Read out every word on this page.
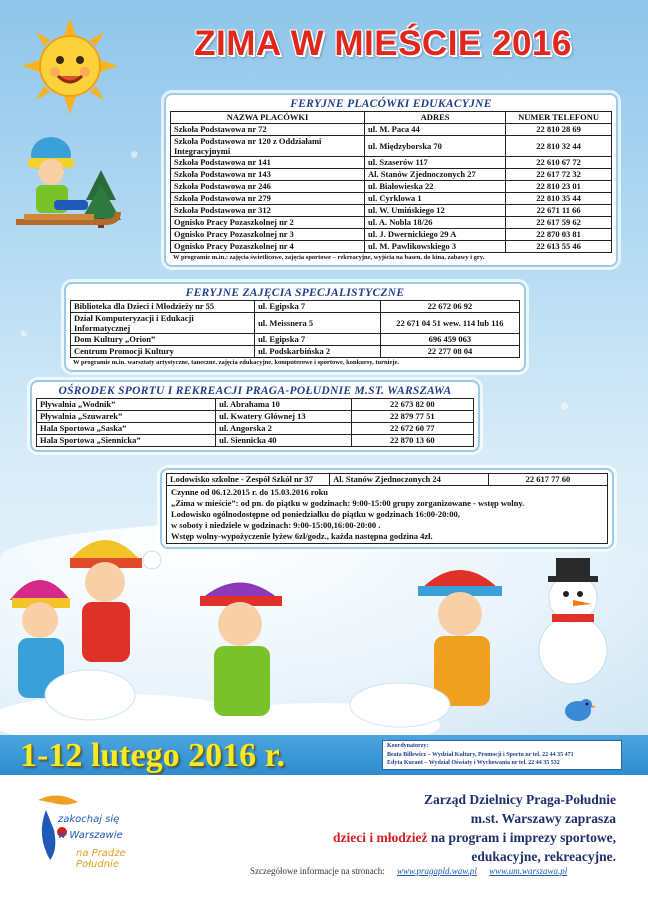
❄
❄
❄
ZIMA W MIEŚCIE 2016
FERYJNE PLACÓWKI EDUKACYJNE
NAZWA PLACÓWKI	ADRES	NUMER TELEFONU
Szkoła Podstawowa nr 72	ul. M. Paca 44	22 810 28 69
Szkoła Podstawowa nr 120 z Oddziałami Integracyjnymi	ul. Międzyborska 70	22 810 32 44
Szkoła Podstawowa nr 141	ul. Szaserów 117	22 610 67 72
Szkoła Podstawowa nr 143	Al. Stanów Zjednoczonych 27	22 617 72 32
Szkoła Podstawowa nr 246	ul. Białowieska 22	22 810 23 01
Szkoła Podstawowa nr 279	ul. Cyrklowa 1	22 810 35 44
Szkoła Podstawowa nr 312	ul. W. Umińskiego 12	22 671 11 66
Ognisko Pracy Pozaszkolnej nr 2	ul. A. Nobla 18/26	22 617 59 62
Ognisko Pracy Pozaszkolnej nr 3	ul. J. Dwernickiego 29 A	22 870 03 81
Ognisko Pracy Pozaszkolnej nr 4	ul. M. Pawlikowskiego 3	22 613 55 46
W programie m.in.: zajęcia świetlicowe, zajęcia sportowe – rekreacyjne, wyjścia na basen, do kina, zabawy i gry.
FERYJNE ZAJĘCIA SPECJALISTYCZNE
Biblioteka dla Dzieci i Młodzieży nr 55	ul. Egipska 7	22 672 06 92
Dział Komputeryzacji i Edukacji Informatycznej	ul. Meissnera 5	22 671 04 51 wew. 114 lub 116
Dom Kultury „Orion”	ul. Egipska 7	696 459 063
Centrum Promocji Kultury	ul. Podskarbińska 2	22 277 08 04
W programie m.in. warsztaty artystyczne, taneczne, zajęcia edukacyjne, komputerowe i sportowe, konkursy, turnieje.
OŚRODEK SPORTU I REKREACJI PRAGA-POŁUDNIE M.ST. WARSZAWA
Pływalnia „Wodnik”	ul. Abrahama 10	22 673 82 00
Pływalnia „Szuwarek”	ul. Kwatery Głównej 13	22 879 77 51
Hala Sportowa „Saska”	ul. Angorska 2	22 672 60 77
Hala Sportowa „Siennicka”	ul. Siennicka 40	22 870 13 60
Lodowisko szkolne - Zespół Szkół nr 37	Al. Stanów Zjednoczonych 24	22 617 77 60
Czynne od 06.12.2015 r. do 15.03.2016 roku
„Zima w mieście”: od pn. do piątku w godzinach: 9:00-15:00 grupy zorganizowane - wstęp wolny.
Lodowisko ogólnodostępne od poniedziałku do piątku w godzinach 16:00-20:00,
w soboty i niedziele w godzinach: 9:00-15:00,16:00-20:00 .
Wstęp wolny-wypożyczenie łyżew 6zł/godz., każda następna godzina 4zł.
1-12 lutego 2016 r.	Koordynatorzy:
Beata Billewicz – Wydział Kultury, Promocji i Sportu nr tel. 22 44 35 471
Edyta Kurant – Wydział Oświaty i Wychowania nr tel. 22 44 35 532
zakochaj się
w Warszawie
na Pradze Południe
Zarząd Dzielnicy Praga-Południe
m.st. Warszawy zaprasza
dzieci i młodzież na program i imprezy sportowe,
edukacyjne, rekreacyjne.
Szczegółowe informacje na stronach: www.pragapld.waw.pl www.um.warszawa.pl
